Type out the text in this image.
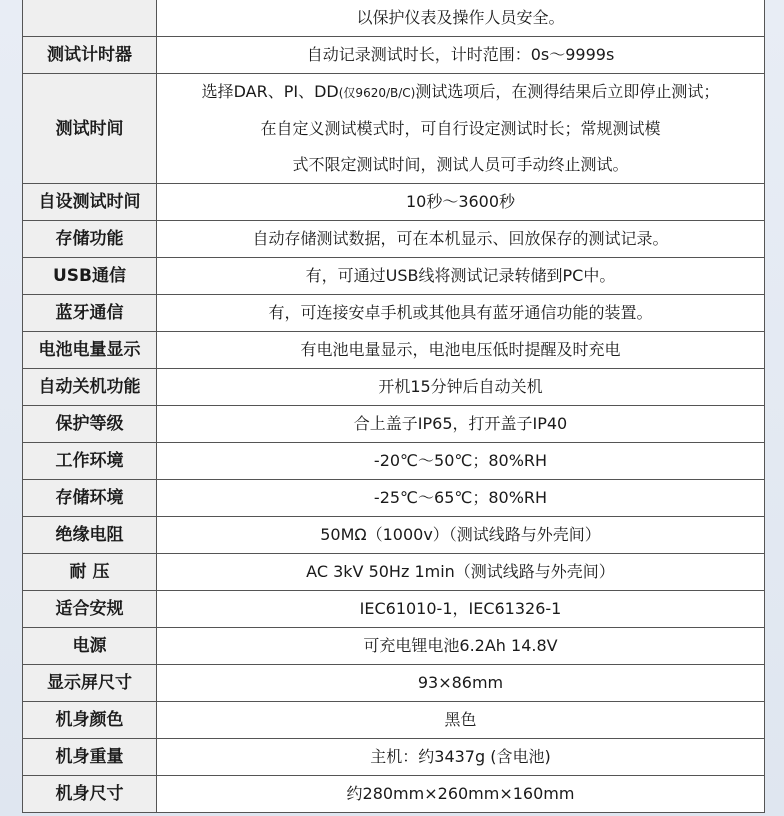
	以保护仪表及操作人员安全。
测试计时器	自动记录测试时长，计时范围：0s～9999s
测试时间	选择DAR、PI、DD(仅9620/B/C)测试选项后，在测得结果后立即停止测试；
在自定义测试模式时，可自行设定测试时长；常规测试模
式不限定测试时间，测试人员可手动终止测试。

自设测试时间	10秒～3600秒
存储功能	自动存储测试数据，可在本机显示、回放保存的测试记录。
USB通信	有，可通过USB线将测试记录转储到PC中。
蓝牙通信	有，可连接安卓手机或其他具有蓝牙通信功能的装置。
电池电量显示	有电池电量显示，电池电压低时提醒及时充电
自动关机功能	开机15分钟后自动关机
保护等级	合上盖子IP65，打开盖子IP40
工作环境	-20℃～50℃；80%RH
存储环境	-25℃～65℃；80%RH
绝缘电阻	50MΩ（1000v）（测试线路与外壳间）
耐 压	AC 3kV 50Hz 1min（测试线路与外壳间）
适合安规	IEC61010-1，IEC61326-1
电源	可充电锂电池6.2Ah 14.8V
显示屏尺寸	93×86mm
机身颜色	黑色
机身重量	主机：约3437g (含电池)
机身尺寸	约280mm×260mm×160mm
